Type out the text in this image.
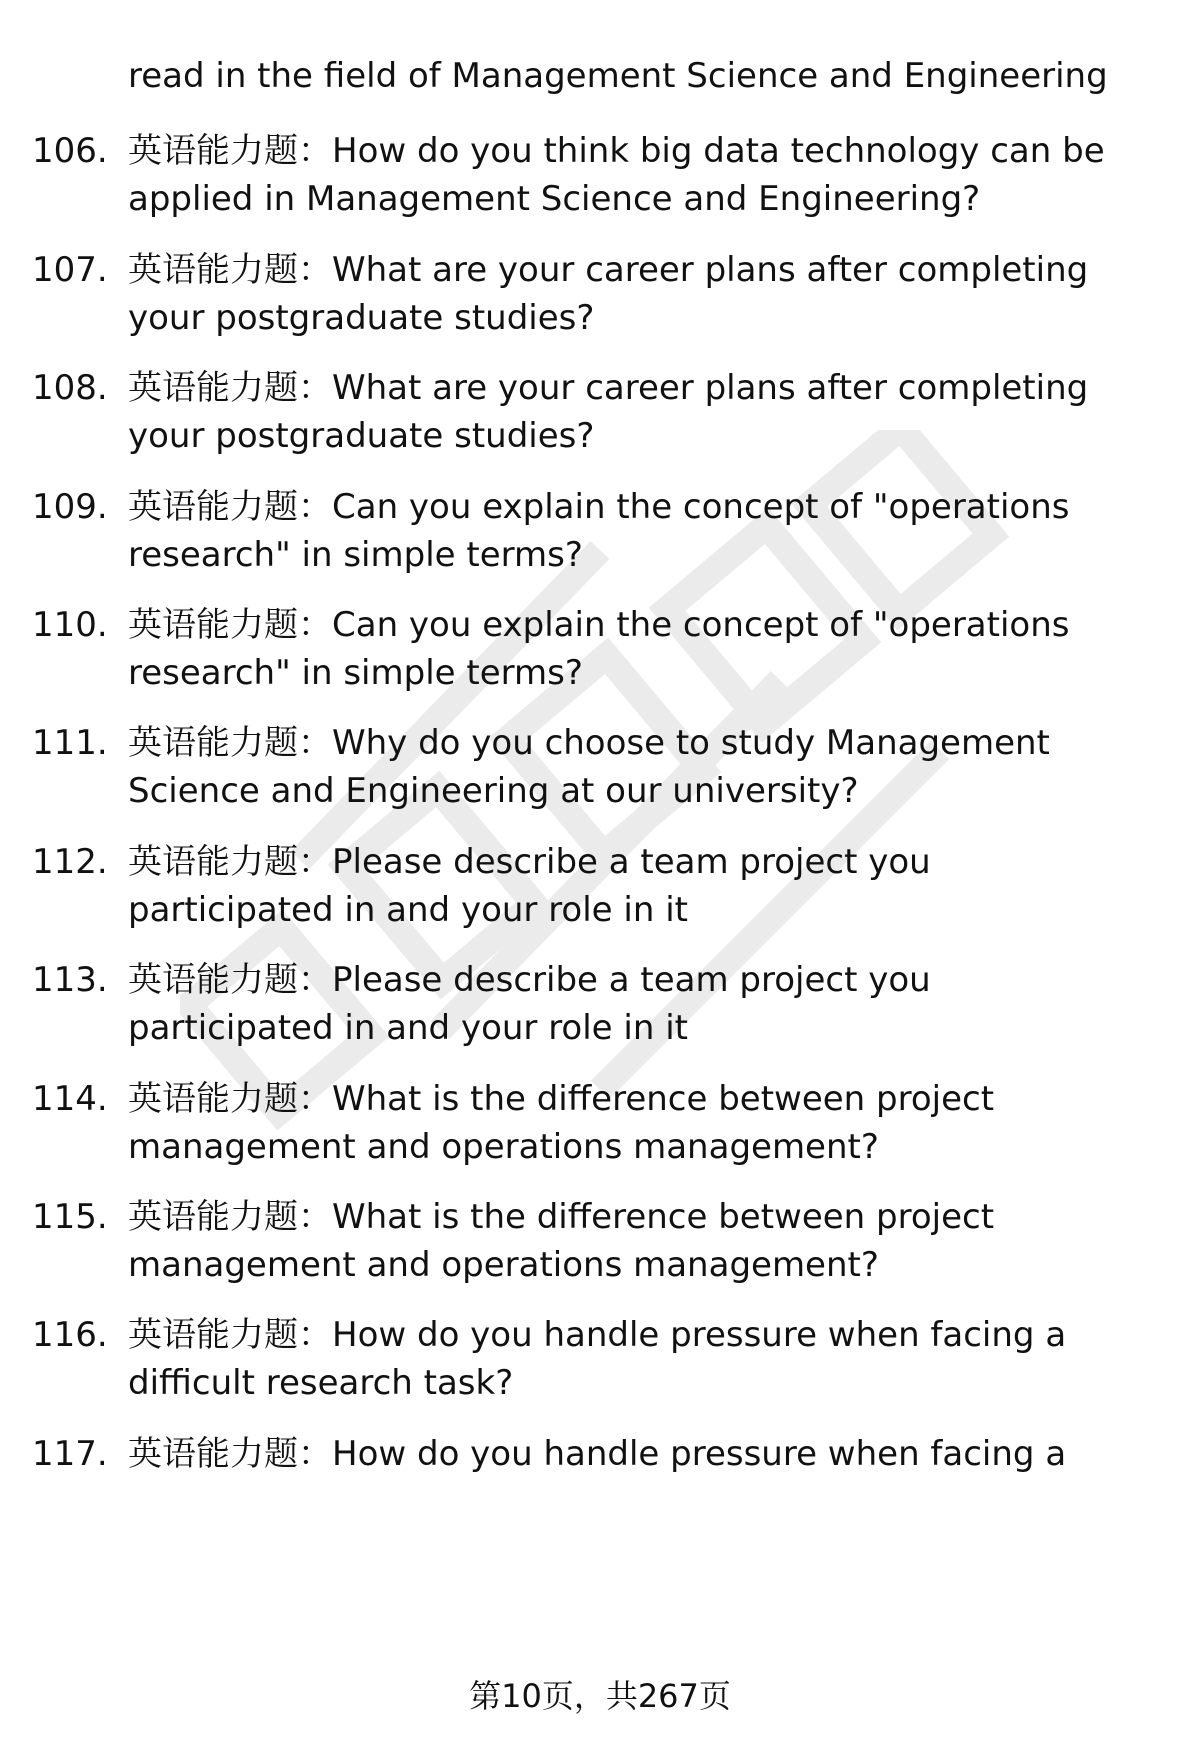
read in the field of Management Science and Engineering
106. 英语能力题：How do you think big data technology can be
applied in Management Science and Engineering?
107. 英语能力题：What are your career plans after completing
your postgraduate studies?
108. 英语能力题：What are your career plans after completing
your postgraduate studies?
109. 英语能力题：Can you explain the concept of "operations
research" in simple terms?
110. 英语能力题：Can you explain the concept of "operations
research" in simple terms?
111. 英语能力题：Why do you choose to study Management
Science and Engineering at our university?
112. 英语能力题：Please describe a team project you
participated in and your role in it
113. 英语能力题：Please describe a team project you
participated in and your role in it
114. 英语能力题：What is the difference between project
management and operations management?
115. 英语能力题：What is the difference between project
management and operations management?
116. 英语能力题：How do you handle pressure when facing a
difficult research task?
117. 英语能力题：How do you handle pressure when facing a
第10页，共267页
